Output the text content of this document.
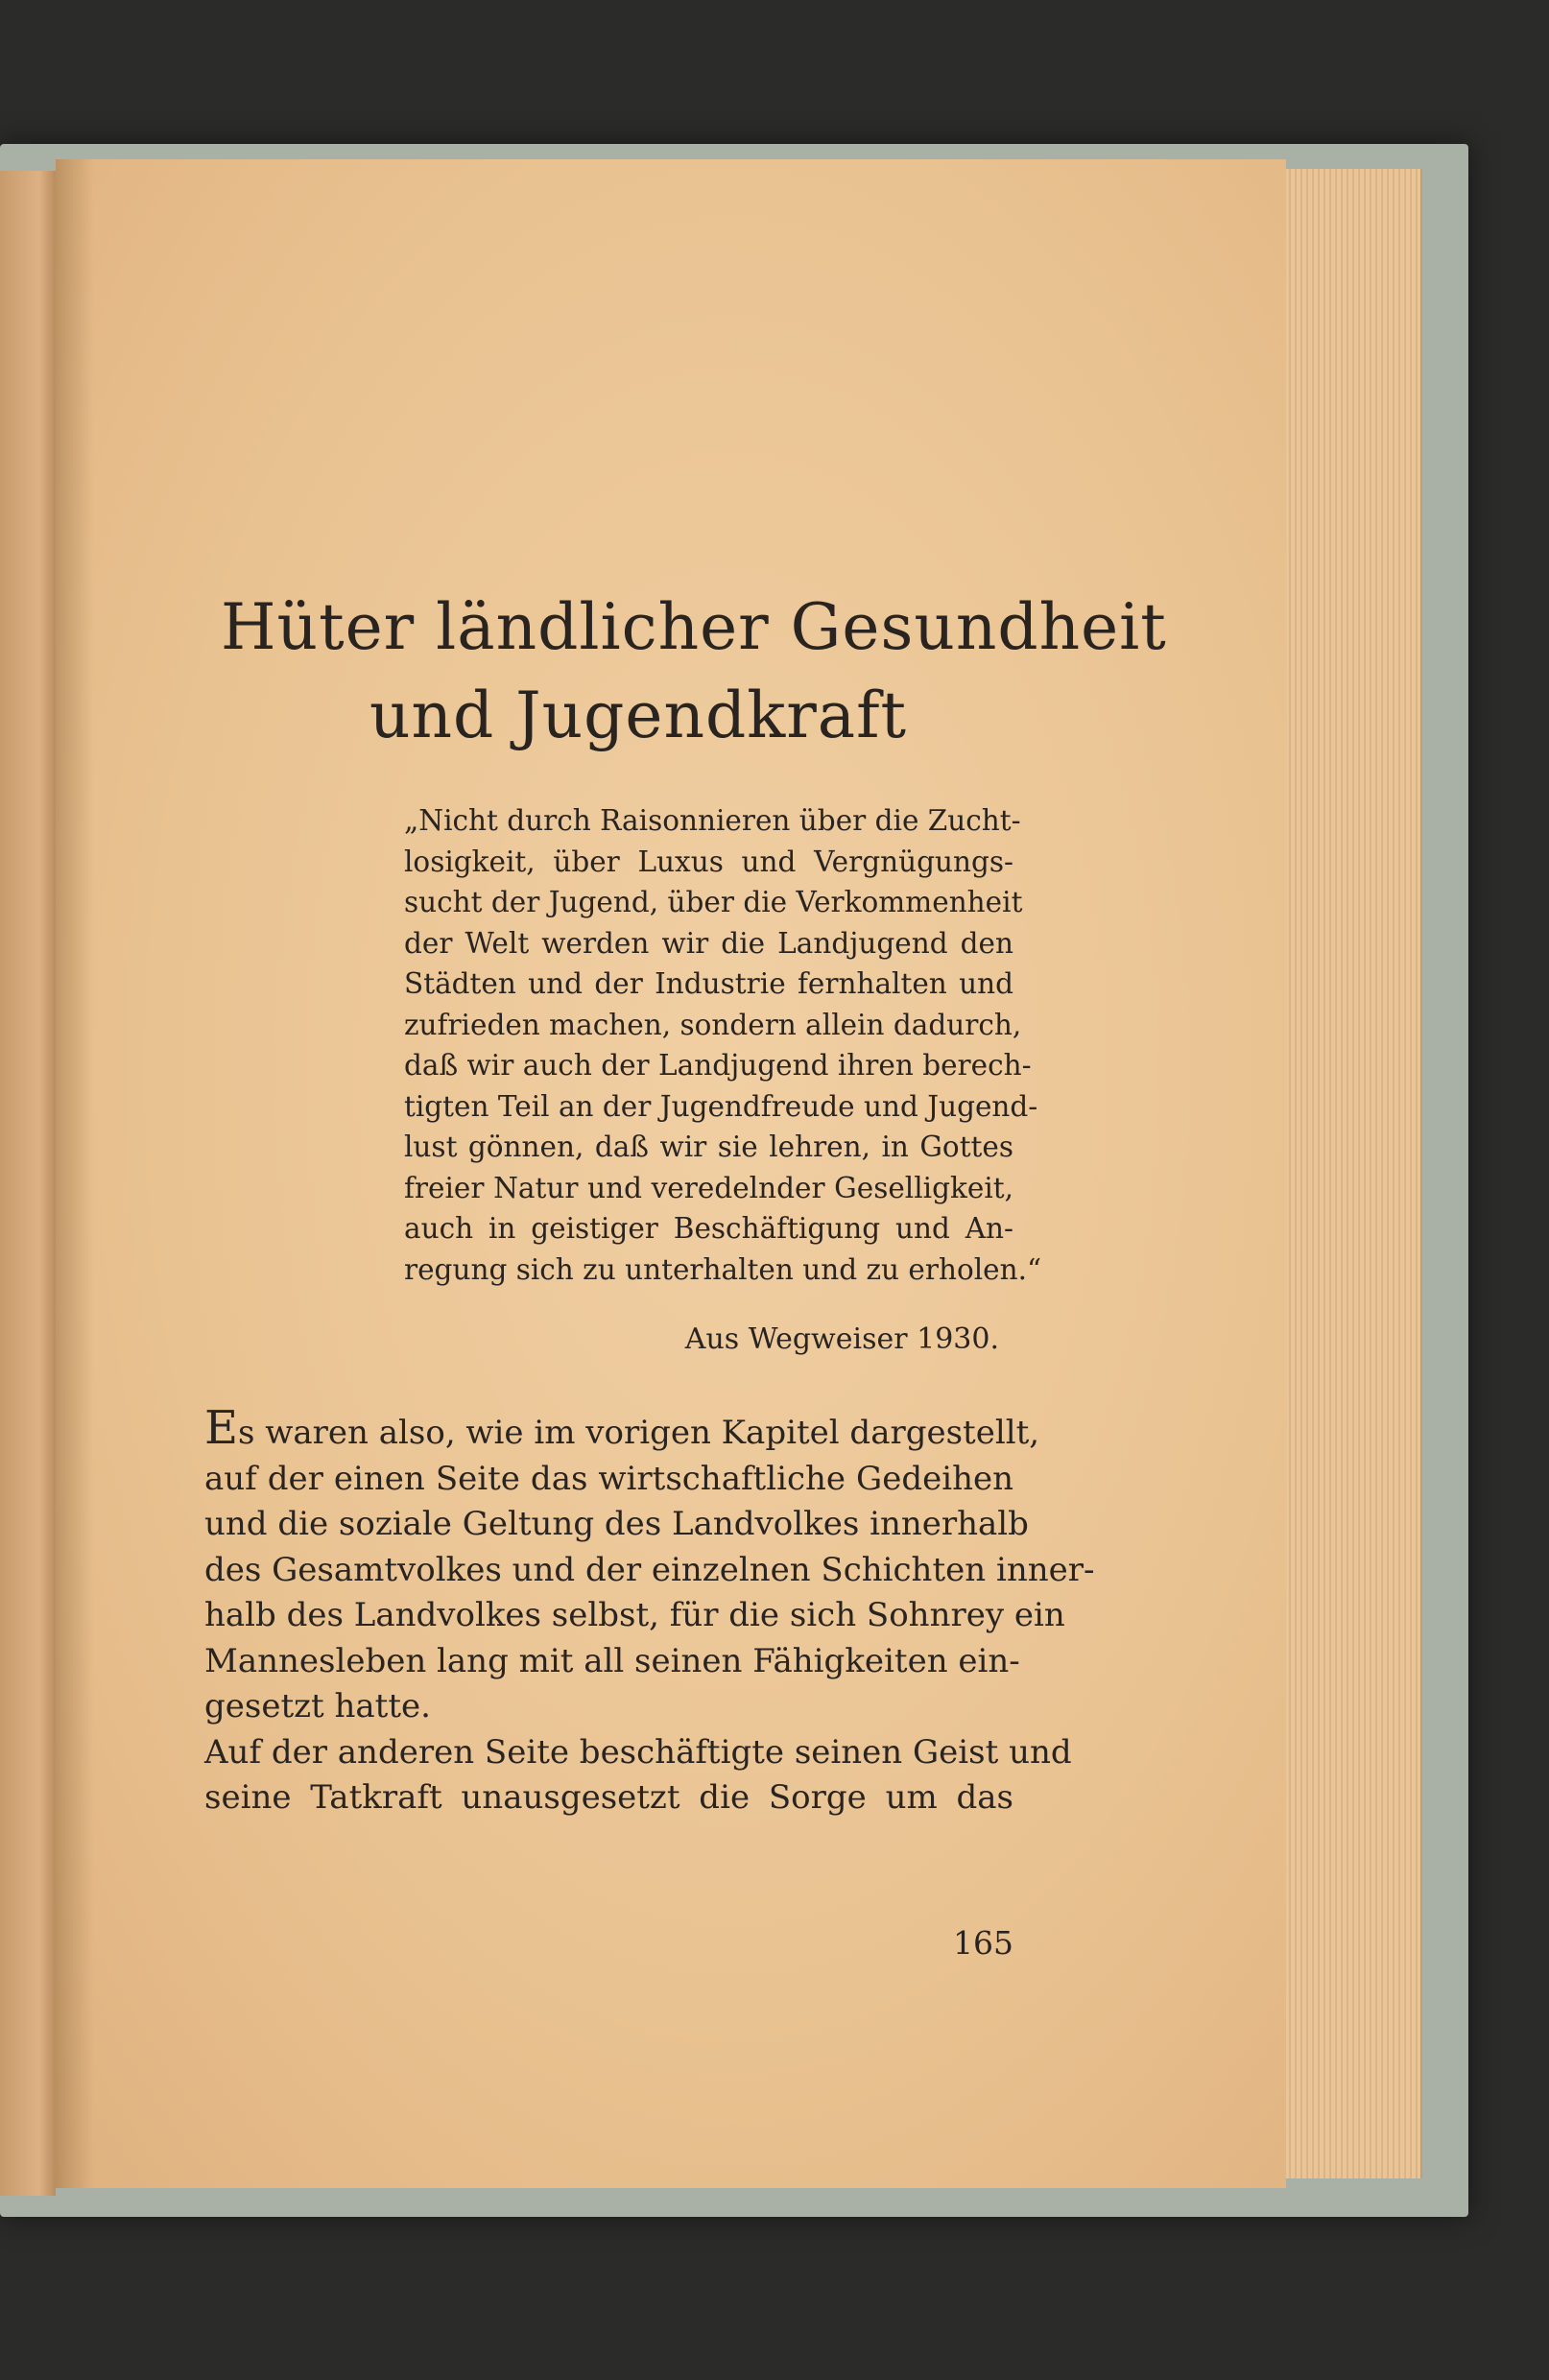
Hüter ländlicher Gesundheit
und Jugendkraft
„Nicht durch Raisonnieren über die Zucht-
losigkeit, über Luxus und Vergnügungs-
sucht der Jugend, über die Verkommenheit
der Welt werden wir die Landjugend den
Städten und der Industrie fernhalten und
zufrieden machen, sondern allein dadurch,
daß wir auch der Landjugend ihren berech-
tigten Teil an der Jugendfreude und Jugend-
lust gönnen, daß wir sie lehren, in Gottes
freier Natur und veredelnder Geselligkeit,
auch in geistiger Beschäftigung und An-
regung sich zu unterhalten und zu erholen.“
Aus Wegweiser 1930.
Es waren also, wie im vorigen Kapitel dargestellt,
auf der einen Seite das wirtschaftliche Gedeihen
und die soziale Geltung des Landvolkes innerhalb
des Gesamtvolkes und der einzelnen Schichten inner-
halb des Landvolkes selbst, für die sich Sohnrey ein
Mannesleben lang mit all seinen Fähigkeiten ein-
gesetzt hatte.
Auf der anderen Seite beschäftigte seinen Geist und
seine Tatkraft unausgesetzt die Sorge um das
165
